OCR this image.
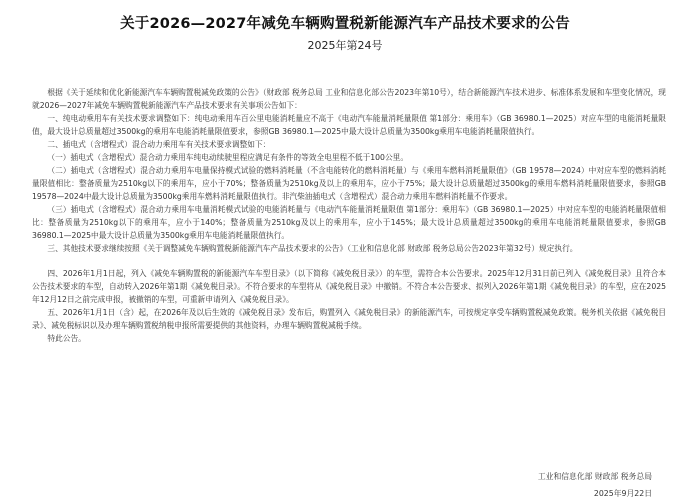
关于2026—2027年减免车辆购置税新能源汽车产品技术要求的公告
2025年第24号

根据《关于延续和优化新能源汽车车辆购置税减免政策的公告》（财政部 税务总局 工业和信息化部公告2023年第10号），结合新能源汽车技术进步、标准体系发展和车型变化情况，现就2026—2027年减免车辆购置税新能源汽车产品技术要求有关事项公告如下：

一、纯电动乘用车有关技术要求调整如下：纯电动乘用车百公里电能消耗量应不高于《电动汽车能量消耗量限值 第1部分：乘用车》（GB 36980.1—2025）对应车型的电能消耗量限值，最大设计总质量超过3500kg的乘用车电能消耗量限值要求，参照GB 36980.1—2025中最大设计总质量为3500kg乘用车电能消耗量限值执行。

二、插电式（含增程式）混合动力乘用车有关技术要求调整如下：

（一）插电式（含增程式）混合动力乘用车纯电动续驶里程应满足有条件的等效全电里程不低于100公里。

（二）插电式（含增程式）混合动力乘用车电量保持模式试验的燃料消耗量（不含电能转化的燃料消耗量）与《乘用车燃料消耗量限值》（GB 19578—2024）中对应车型的燃料消耗量限值相比：整备质量为2510kg以下的乘用车，应小于70%；整备质量为2510kg及以上的乘用车，应小于75%；最大设计总质量超过3500kg的乘用车燃料消耗量限值要求，参照GB 19578—2024中最大设计总质量为3500kg乘用车燃料消耗量限值执行。非汽柴油插电式（含增程式）混合动力乘用车燃料消耗量不作要求。

（三）插电式（含增程式）混合动力乘用车电量消耗模式试验的电能消耗量与《电动汽车能量消耗量限值 第1部分：乘用车》（GB 36980.1—2025）中对应车型的电能消耗量限值相比：整备质量为2510kg以下的乘用车，应小于140%；整备质量为2510kg及以上的乘用车，应小于145%；最大设计总质量超过3500kg的乘用车电能消耗量限值要求，参照GB 36980.1—2025中最大设计总质量为3500kg乘用车电能消耗量限值执行。

三、其他技术要求继续按照《关于调整减免车辆购置税新能源汽车产品技术要求的公告》（工业和信息化部 财政部 税务总局公告2023年第32号）规定执行。

四、2026年1月1日起，列入《减免车辆购置税的新能源汽车车型目录》（以下简称《减免税目录》）的车型，需符合本公告要求。2025年12月31日前已列入《减免税目录》且符合本公告技术要求的车型，自动转入2026年第1期《减免税目录》。不符合要求的车型将从《减免税目录》中撤销。不符合本公告要求、拟列入2026年第1期《减免税目录》的车型，应在2025年12月12日之前完成申报，被撤销的车型，可重新申请列入《减免税目录》。

五、2026年1月1日（含）起，在2026年及以后生效的《减免税目录》发布后，购置列入《减免税目录》的新能源汽车，可按规定享受车辆购置税减免政策。税务机关依据《减免税目录》、减免税标识以及办理车辆购置税纳税申报所需要提供的其他资料，办理车辆购置税减税手续。

特此公告。

工业和信息化部 财政部 税务总局
2025年9月22日
